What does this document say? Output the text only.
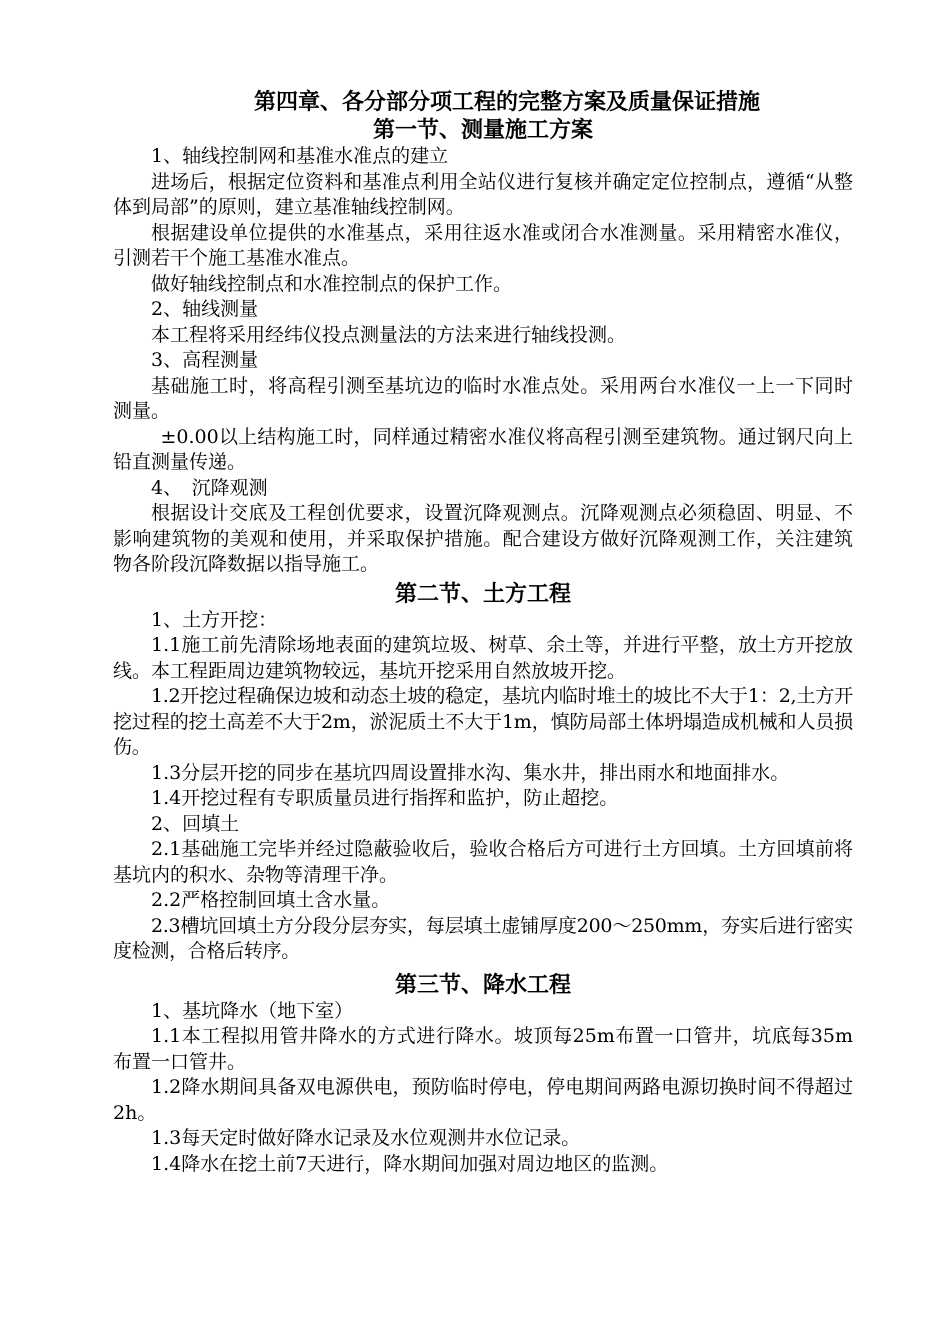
第四章、各分部分项工程的完整方案及质量保证措施
第一节、测量施工方案

1、轴线控制网和基准水准点的建立

进场后，根据定位资料和基准点利用全站仪进行复核并确定定位控制点，遵循“从整体到局部”的原则，建立基准轴线控制网。

根据建设单位提供的水准基点，采用往返水准或闭合水准测量。采用精密水准仪，引测若干个施工基准水准点。

做好轴线控制点和水准控制点的保护工作。

2、轴线测量

本工程将采用经纬仪投点测量法的方法来进行轴线投测。

3、高程测量

基础施工时，将高程引测至基坑边的临时水准点处。采用两台水准仪一上一下同时测量。

±0.00以上结构施工时，同样通过精密水准仪将高程引测至建筑物。通过钢尺向上铅直测量传递。

4、　沉降观测

根据设计交底及工程创优要求，设置沉降观测点。沉降观测点必须稳固、明显、不影响建筑物的美观和使用，并采取保护措施。配合建设方做好沉降观测工作，关注建筑物各阶段沉降数据以指导施工。

第二节、土方工程

1、土方开挖：

1.1施工前先清除场地表面的建筑垃圾、树草、余土等，并进行平整，放土方开挖放线。本工程距周边建筑物较远，基坑开挖采用自然放坡开挖。

1.2开挖过程确保边坡和动态土坡的稳定，基坑内临时堆土的坡比不大于1：2,土方开挖过程的挖土高差不大于2m，淤泥质土不大于1m，慎防局部土体坍塌造成机械和人员损伤。

1.3分层开挖的同步在基坑四周设置排水沟、集水井，排出雨水和地面排水。

1.4开挖过程有专职质量员进行指挥和监护，防止超挖。

2、回填土

2.1基础施工完毕并经过隐蔽验收后，验收合格后方可进行土方回填。土方回填前将基坑内的积水、杂物等清理干净。

2.2严格控制回填土含水量。

2.3槽坑回填土方分段分层夯实，每层填土虚铺厚度200～250mm，夯实后进行密实度检测，合格后转序。

第三节、降水工程

1、基坑降水（地下室）

1.1本工程拟用管井降水的方式进行降水。坡顶每25m布置一口管井，坑底每35m布置一口管井。

1.2降水期间具备双电源供电，预防临时停电，停电期间两路电源切换时间不得超过2h。

1.3每天定时做好降水记录及水位观测井水位记录。

1.4降水在挖土前7天进行，降水期间加强对周边地区的监测。
